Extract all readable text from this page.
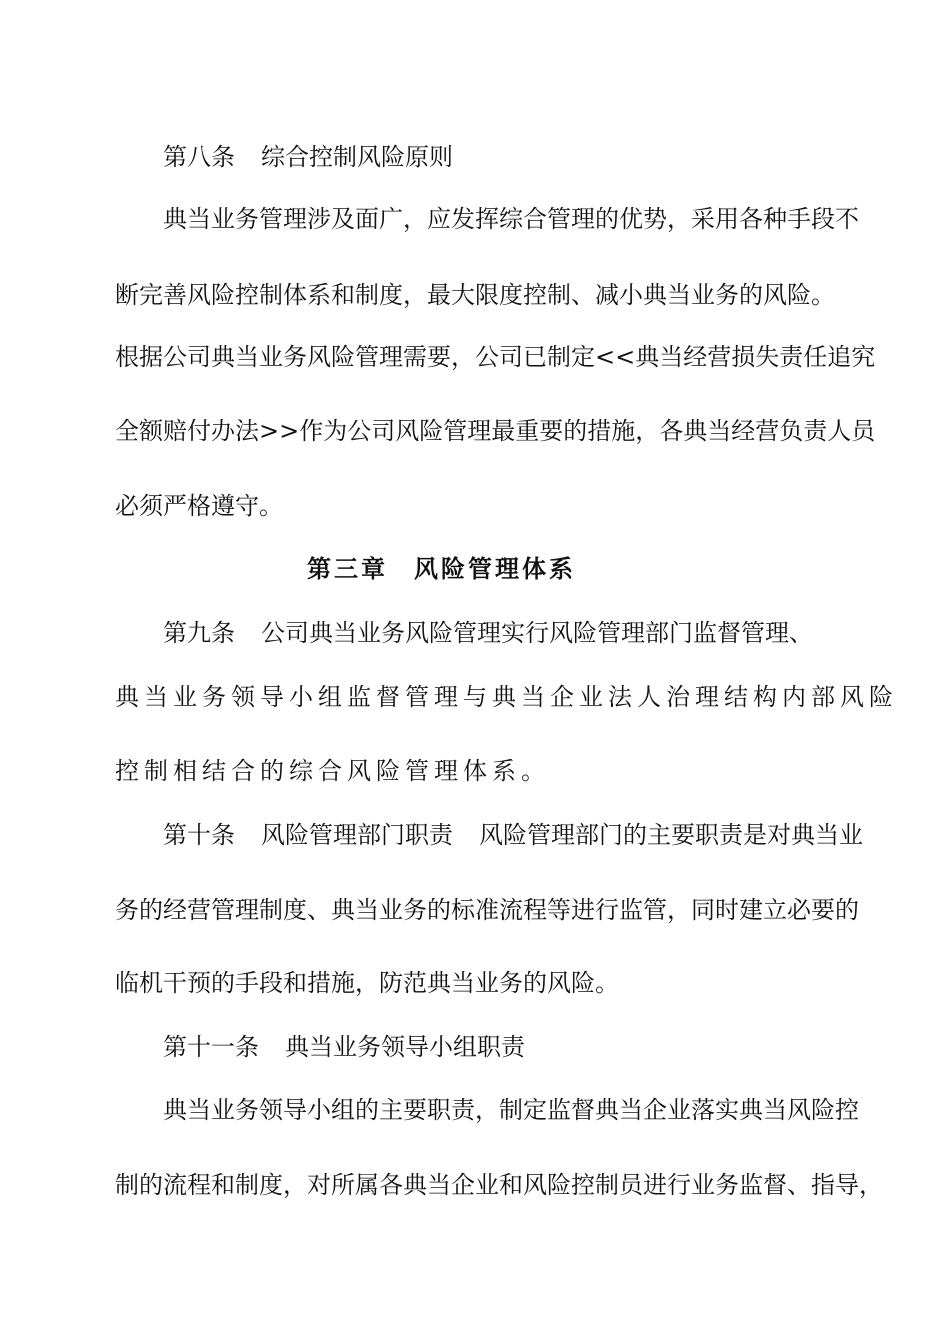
第八条 综合控制风险原则
典当业务管理涉及面广，应发挥综合管理的优势，采用各种手段不
断完善风险控制体系和制度，最大限度控制、减小典当业务的风险。
根据公司典当业务风险管理需要，公司已制定<<典当经营损失责任追究
全额赔付办法>>作为公司风险管理最重要的措施，各典当经营负责人员
必须严格遵守。
第三章 风险管理体系
第九条 公司典当业务风险管理实行风险管理部门监督管理、
典当业务领导小组监督管理与典当企业法人治理结构内部风险
控制相结合的综合风险管理体系。
第十条 风险管理部门职责 风险管理部门的主要职责是对典当业
务的经营管理制度、典当业务的标准流程等进行监管，同时建立必要的
临机干预的手段和措施，防范典当业务的风险。
第十一条 典当业务领导小组职责
典当业务领导小组的主要职责，制定监督典当企业落实典当风险控
制的流程和制度，对所属各典当企业和风险控制员进行业务监督、指导，
